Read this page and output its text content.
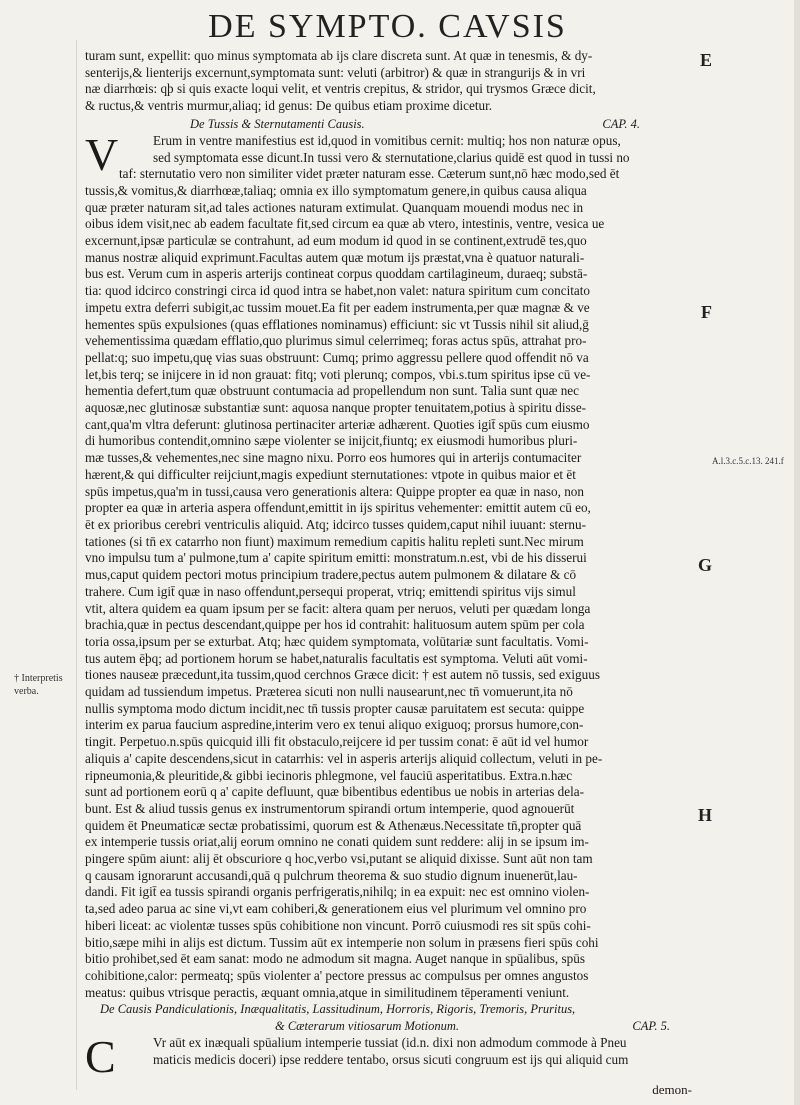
DE SYMPTO. CAVSIS
E
F
G
H
A.l.3.c.5.c.13. 241.f
† Interpretis verba.
turam sunt, expellit: quo minus symptomata ab ijs clare discreta sunt. At quæ in tenesmis, & dy-
senterijs,& lienterijs excernunt,symptomata sunt: veluti (arbitror) & quæ in strangurijs & in vri
næ diarrhœis: qþ si quis exacte loqui velit, et ventris crepitus, & stridor, qui trysmos Græce dicit,
& ructus,& ventris murmur,aliaq; id genus: De quibus etiam proxime dicetur.
De Tussis & Sternutamenti Causis.	CAP. 4.
V	Erum in ventre manifestius est id,quod in vomitibus cernit: multiq; hos non naturæ opus,
sed symptomata esse dicunt.In tussi vero & sternutatione,clarius quidē est quod in tussi no
taf: sternutatio vero non similiter videt præter naturam esse. Cæterum sunt,nō hæc modo,sed ēt
tussis,& vomitus,& diarrhœæ,taliaq; omnia ex illo symptomatum genere,in quibus causa aliqua
quæ præter naturam sit,ad tales actiones naturam extimulat. Quanquam mouendi modus nec in
oibus idem visit,nec ab eadem facultate fit,sed circum ea quæ ab vtero, intestinis, ventre, vesica ue
excernunt,ipsæ particulæ se contrahunt, ad eum modum id quod in se continent,extrudē tes,quo
manus nostræ aliquid exprimunt.Facultas autem quæ motum ijs præstat,vna è quatuor naturali-
bus est. Verum cum in asperis arterijs contineat corpus quoddam cartilagineum, duraeq; substā-
tia: quod idcirco constringi circa id quod intra se habet,non valet: natura spiritum cum concitato
impetu extra deferri subigit,ac tussim mouet.Ea fit per eadem instrumenta,per quæ magnæ & ve
hementes spūs expulsiones (quas efflationes nominamus) efficiunt: sic vt Tussis nihil sit aliud,ḡ
vehementissima quædam efflatio,quo plurimus simul celerrimeq; foras actus spūs, attrahat pro-
pellat:q; suo impetu,quę vias suas obstruunt: Cumq; primo aggressu pellere quod offendit nō va
let,bis terq; se inijcere in id non grauat: fitq; voti plerunq; compos, vbi.s.tum spiritus ipse cū ve-
hementia defert,tum quæ obstruunt contumacia ad propellendum non sunt. Talia sunt quæ nec
aquosæ,nec glutinosæ substantiæ sunt: aquosa nanque propter tenuitatem,potius à spiritu disse-
cant,qua'm vltra deferunt: glutinosa pertinaciter arteriæ adhærent. Quoties igit̄ spūs cum eiusmo
di humoribus contendit,omnino sæpe violenter se inijcit,fiuntq; ex eiusmodi humoribus pluri-
mæ tusses,& vehementes,nec sine magno nixu. Porro eos humores qui in arterijs contumaciter
hærent,& qui difficulter reijciunt,magis expediunt sternutationes: vtpote in quibus maior et ēt
spūs impetus,qua'm in tussi,causa vero generationis altera: Quippe propter ea quæ in naso, non
propter ea quæ in arteria aspera offendunt,emittit in ijs spiritus vehementer: emittit autem cū eo,
ēt ex prioribus cerebri ventriculis aliquid. Atq; idcirco tusses quidem,caput nihil iuuant: sternu-
tationes (si tn̄ ex catarrho non fiunt) maximum remedium capitis halitu repleti sunt.Nec mirum
vno impulsu tum a' pulmone,tum a' capite spiritum emitti: monstratum.n.est, vbi de his disserui
mus,caput quidem pectori motus principium tradere,pectus autem pulmonem & dilatare & cō
trahere. Cum igit̄ quæ in naso offendunt,persequi properat, vtriq; emittendi spiritus vijs simul
vtit, altera quidem ea quam ipsum per se facit: altera quam per neruos, veluti per quædam longa
brachia,quæ in pectus descendant,quippe per hos id contrahit: halituosum autem spūm per cola
toria ossa,ipsum per se exturbat. Atq; hæc quidem symptomata, volūtariæ sunt facultatis. Vomi-
tus autem ēþq; ad portionem horum se habet,naturalis facultatis est symptoma. Veluti aūt vomi-
tiones nauseæ præcedunt,ita tussim,quod cerchnos Græce dicit: † est autem nō tussis, sed exiguus
quidam ad tussiendum impetus. Præterea sicuti non nulli nausearunt,nec tn̄ vomuerunt,ita nō
nullis symptoma modo dictum incidit,nec tn̄ tussis propter causæ paruitatem est secuta: quippe
interim ex parua faucium aspredine,interim vero ex tenui aliquo exiguoq; prorsus humore,con-
tingit. Perpetuo.n.spūs quicquid illi fit obstaculo,reijcere id per tussim conat: ē aūt id vel humor
aliquis a' capite descendens,sicut in catarrhis: vel in asperis arterijs aliquid collectum, veluti in pe-
ripneumonia,& pleuritide,& gibbi iecinoris phlegmone, vel fauciū asperitatibus. Extra.n.hæc
sunt ad portionem eorū q a' capite defluunt, quæ bibentibus edentibus ue nobis in arterias dela-
bunt. Est & aliud tussis genus ex instrumentorum spirandi ortum intemperie, quod agnouerūt
quidem ēt Pneumaticæ sectæ probatissimi, quorum est & Athenæus.Necessitate tn̄,propter quā
ex intemperie tussis oriat,alij eorum omnino ne conati quidem sunt reddere: alij in se ipsum im-
pingere spūm aiunt: alij ēt obscuriore q hoc,verbo vsi,putant se aliquid dixisse. Sunt aūt non tam
q causam ignorarunt accusandi,quā q pulchrum theorema & suo studio dignum inuenerūt,lau-
dandi. Fit igit̄ ea tussis spirandi organis perfrigeratis,nihilq; in ea expuit: nec est omnino violen-
ta,sed adeo parua ac sine vi,vt eam cohiberi,& generationem eius vel plurimum vel omnino pro
hiberi liceat: ac violentæ tusses spūs cohibitione non vincunt. Porrō cuiusmodi res sit spūs cohi-
bitio,sæpe mihi in alijs est dictum. Tussim aūt ex intemperie non solum in præsens fieri spūs cohi
bitio prohibet,sed ēt eam sanat: modo ne admodum sit magna. Auget nanque in spūalibus, spūs
cohibitione,calor: permeatq; spūs violenter a' pectore pressus ac compulsus per omnes angustos
meatus: quibus vtrisque peractis, æquant omnia,atque in similitudinem tēperamenti veniunt.
De Causis Pandiculationis, Inæqualitatis, Lassitudinum, Horroris, Rigoris, Tremoris, Pruritus,
& Cæterarum vitiosarum Motionum.	CAP. 5.
C	Vr aūt ex inæquali spūalium intemperie tussiat (id.n. dixi non admodum commode à Pneu
maticis medicis doceri) ipse reddere tentabo, orsus sicuti congruum est ijs qui aliquid cum
demon-
